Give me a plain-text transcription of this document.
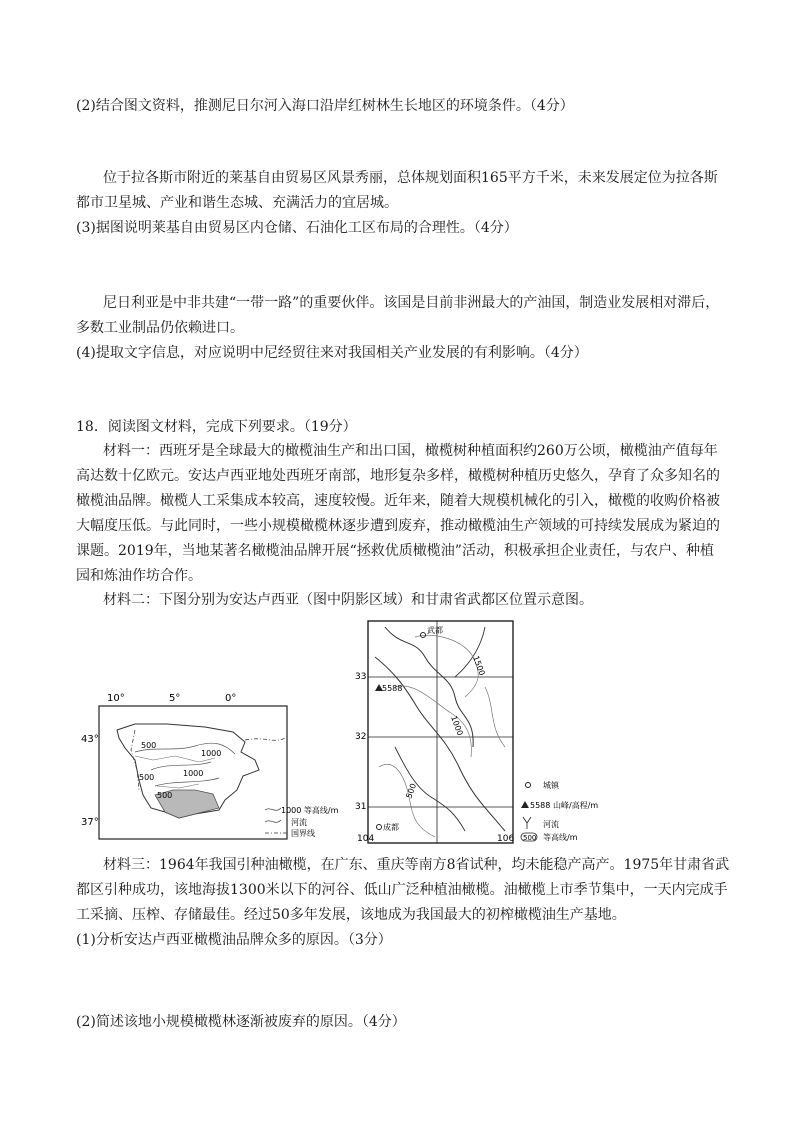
(2)结合图文资料，推测尼日尔河入海口沿岸红树林生长地区的环境条件。（4分）
位于拉各斯市附近的莱基自由贸易区风景秀丽，总体规划面积165平方千米，未来发展定位为拉各斯
都市卫星城、产业和谐生态城、充满活力的宜居城。
(3)据图说明莱基自由贸易区内仓储、石油化工区布局的合理性。（4分）
尼日利亚是中非共建“一带一路”的重要伙伴。该国是目前非洲最大的产油国，制造业发展相对滞后，
多数工业制品仍依赖进口。
(4)提取文字信息，对应说明中尼经贸往来对我国相关产业发展的有利影响。（4分）
18．阅读图文材料，完成下列要求。（19分）
材料一：西班牙是全球最大的橄榄油生产和出口国，橄榄树种植面积约260万公顷，橄榄油产值每年
高达数十亿欧元。安达卢西亚地处西班牙南部，地形复杂多样，橄榄树种植历史悠久，孕育了众多知名的
橄榄油品牌。橄榄人工采集成本较高，速度较慢。近年来，随着大规模机械化的引入，橄榄的收购价格被
大幅度压低。与此同时，一些小规模橄榄林逐步遭到废弃，推动橄榄油生产领域的可持续发展成为紧迫的
课题。2019年，当地某著名橄榄油品牌开展“拯救优质橄榄油”活动，积极承担企业责任，与农户、种植
园和炼油作坊合作。
材料二：下图分别为安达卢西亚（图中阴影区域）和甘肃省武都区位置示意图。
10°	5°	0°
43°
37°
500
1000
500	1000
500
1000 等高线/m
河流
国界线
33
32
31
104	106
武都
5588
1500
1000
500
成都
城镇
5588 山峰/高程/m
河流
500 等高线/m
材料三：1964年我国引种油橄榄，在广东、重庆等南方8省试种，均未能稳产高产。1975年甘肃省武
都区引种成功，该地海拔1300米以下的河谷、低山广泛种植油橄榄。油橄榄上市季节集中，一天内完成手
工采摘、压榨、存储最佳。经过50多年发展，该地成为我国最大的初榨橄榄油生产基地。
(1)分析安达卢西亚橄榄油品牌众多的原因。（3分）
(2)简述该地小规模橄榄林逐渐被废弃的原因。（4分）
